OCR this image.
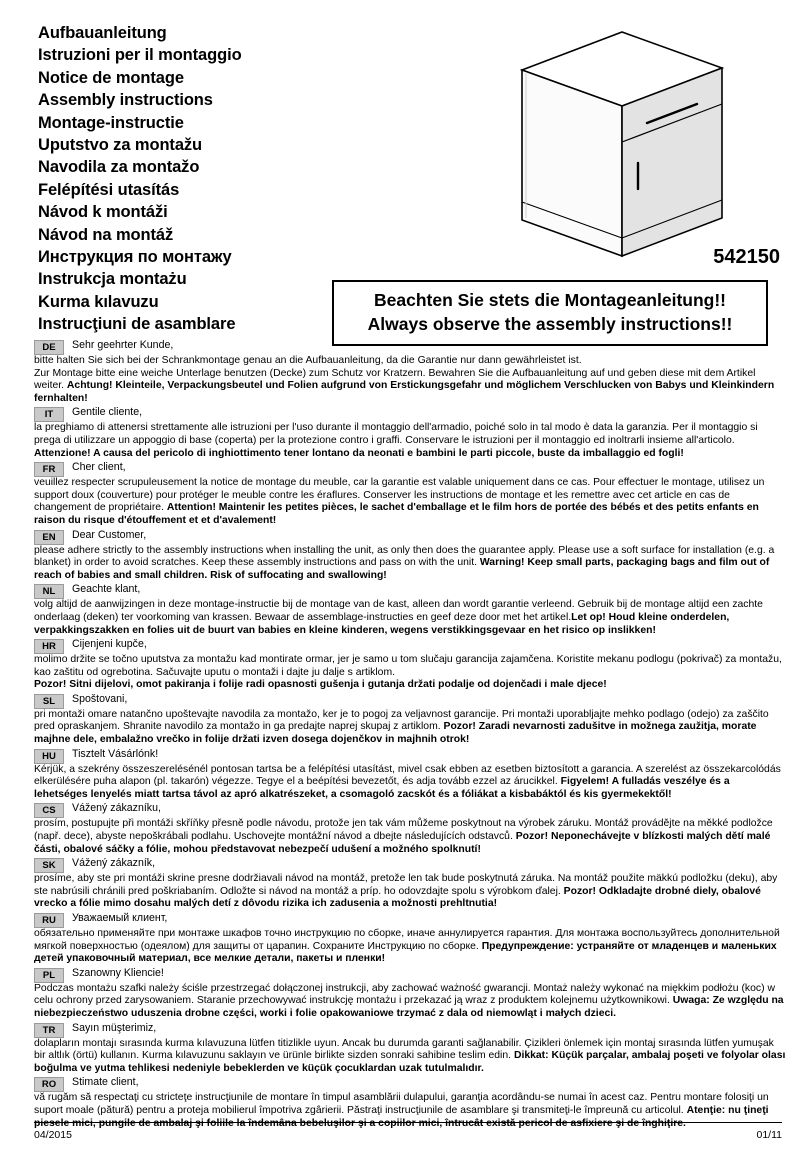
Aufbauanleitung
Istruzioni per il montaggio
Notice de montage
Assembly instructions
Montage-instructie
Uputstvo za montažu
Navodila za montažo
Felépítési utasítás
Návod k montáži
Návod na montáž
Инструкция по монтажу
Instrukcja montażu
Kurma kılavuzu
Instrucţiuni de asamblare
542150
Beachten Sie stets die Montageanleitung!!
Always observe the assembly instructions!!
DE	Sehr geehrter Kunde,
bitte halten Sie sich bei der Schrankmontage genau an die Aufbauanleitung, da die Garantie nur dann gewährleistet ist.
Zur Montage bitte eine weiche Unterlage benutzen (Decke) zum Schutz vor Kratzern. Bewahren Sie die Aufbauanleitung auf und geben diese mit dem Artikel weiter. Achtung! Kleinteile, Verpackungsbeutel und Folien aufgrund von Erstickungsgefahr und möglichem Verschlucken von Babys und Kleinkindern fernhalten!
IT	Gentile cliente,
la preghiamo di attenersi strettamente alle istruzioni per l'uso durante il montaggio dell'armadio, poiché solo in tal modo è data la garanzia. Per il montaggio si prega di utilizzare un appoggio di base (coperta) per la protezione contro i graffi. Conservare le istruzioni per il montaggio ed inoltrarli insieme all'articolo. Attenzione! A causa del pericolo di inghiottimento tener lontano da neonati e bambini le parti piccole, buste da imballaggio ed fogli!
FR	Cher client,
veuillez respecter scrupuleusement la notice de montage du meuble, car la garantie est valable uniquement dans ce cas. Pour effectuer le montage, utilisez un support doux (couverture) pour protéger le meuble contre les éraflures. Conserver les instructions de montage et les remettre avec cet article en cas de changement de propriétaire. Attention! Maintenir les petites pièces, le sachet d'emballage et le film hors de portée des bébés et des petits enfants en raison du risque d'étouffement et et d'avalement!
EN	Dear Customer,
please adhere strictly to the assembly instructions when installing the unit, as only then does the guarantee apply. Please use a soft surface for installation (e.g. a blanket) in order to avoid scratches. Keep these assembly instructions and pass on with the unit. Warning! Keep small parts, packaging bags and film out of reach of babies and small children. Risk of suffocating and swallowing!
NL	Geachte klant,
volg altijd de aanwijzingen in deze montage-instructie bij de montage van de kast, alleen dan wordt garantie verleend. Gebruik bij de montage altijd een zachte onderlaag (deken) ter voorkoming van krassen. Bewaar de assemblage-instructies en geef deze door met het artikel.Let op! Houd kleine onderdelen, verpakkingszakken en folies uit de buurt van babies en kleine kinderen, wegens verstikkingsgevaar en het risico op inslikken!
HR	Cijenjeni kupče,
molimo držite se točno uputstva za montažu kad montirate ormar, jer je samo u tom slučaju garancija zajamčena. Koristite mekanu podlogu (pokrivač) za montažu, kao zaštitu od ogrebotina. Sačuvajte uputu o montaži i dajte ju dalje s artiklom.
Pozor! Sitni dijelovi, omot pakiranja i folije radi opasnosti gušenja i gutanja držati podalje od dojenčadi i male djece!
SL	Spoštovani,
pri montaži omare natančno upoštevajte navodila za montažo, ker je to pogoj za veljavnost garancije. Pri montaži uporabljajte mehko podlago (odejo) za zaščito pred opraskanjem. Shranite navodilo za montažo in ga predajte naprej skupaj z artiklom. Pozor! Zaradi nevarnosti zadušitve in možnega zaužitja, morate majhne dele, embalažno vrečko in folije držati izven dosega dojenčkov in majhnih otrok!
HU	Tisztelt Vásárlónk!
Kérjük, a szekrény összeszerelésénél pontosan tartsa be a felépítési utasítást, mivel csak ebben az esetben biztosított a garancia. A szerelést az összekarcolódás elkerülésére puha alapon (pl. takarón) végezze. Tegye el a beépítési bevezetőt, és adja tovább ezzel az árucikkel. Figyelem! A fulladás veszélye és a lehetséges lenyelés miatt tartsa távol az apró alkatrészeket, a csomagoló zacskót és a fóliákat a kisbabáktól és kis gyermekektől!
CS	Vážený zákazníku,
prosím, postupujte při montáži skříňky přesně podle návodu, protože jen tak vám můžeme poskytnout na výrobek záruku. Montáž provádějte na měkké podložce (např. dece), abyste nepoškrábali podlahu. Uschovejte montážní návod a dbejte následujících odstavců. Pozor! Neponechávejte v blízkosti malých dětí malé části, obalové sáčky a fólie, mohou představovat nebezpečí udušení a možného spolknutí!
SK	Vážený zákazník,
prosíme, aby ste pri montáži skrine presne dodržiavali návod na montáž, pretože len tak bude poskytnutá záruka. Na montáž použite mäkkú podložku (deku), aby ste nabrúsili chránili pred poškriabaním. Odložte si návod na montáž a príp. ho odovzdajte spolu s výrobkom ďalej. Pozor! Odkladajte drobné diely, obalové vrecko a fólie mimo dosahu malých detí z dôvodu rizika ich zadusenia a možnosti prehltnutia!
RU	Уважаемый клиент,
обязательно применяйте при монтаже шкафов точно инструкцию по сборке, иначе аннулируется гарантия. Для монтажа воспользуйтесь дополнительной мягкой поверхностью (одеялом) для защиты от царапин. Сохраните Инструкцию по сборке. Предупреждение: устраняйте от младенцев и маленьких детей упаковочный материал, все мелкие детали, пакеты и пленки!
PL	Szanowny Kliencie!
Podczas montażu szafki należy ściśle przestrzegać dołączonej instrukcji, aby zachować ważność gwarancji. Montaż należy wykonać na miękkim podłożu (koc) w celu ochrony przed zarysowaniem. Staranie przechowywać instrukcję montażu i przekazać ją wraz z produktem kolejnemu użytkownikowi. Uwaga: Ze względu na niebezpieczeństwo uduszenia drobne części, worki i folie opakowaniowe trzymać z dala od niemowląt i małych dzieci.
TR	Sayın müşterimiz,
dolapların montajı sırasında kurma kılavuzuna lütfen titizlikle uyun. Ancak bu durumda garanti sağlanabilir. Çizikleri önlemek için montaj sırasında lütfen yumuşak bir altlık (örtü) kullanın. Kurma kılavuzunu saklayın ve ürünle birlikte sizden sonraki sahibine teslim edin. Dikkat: Küçük parçalar, ambalaj poşeti ve folyolar olası boğulma ve yutma tehlikesi nedeniyle bebeklerden ve küçük çocuklardan uzak tutulmalıdır.
RO	Stimate client,
vă rugăm să respectaţi cu stricteţe instrucţiunile de montare în timpul asamblării dulapului, garanţia acordându-se numai în acest caz. Pentru montare folosiţi un suport moale (pătură) pentru a proteja mobilierul împotriva zgârierii. Păstraţi instrucţiunile de asamblare şi transmiteţi-le împreună cu articolul. Atenţie: nu ţineţi piesele mici, pungile de ambalaj şi foliile la îndemâna bebeluşilor şi a copiilor mici, întrucât există pericol de asfixiere şi de înghiţire.
04/2015	01/11
